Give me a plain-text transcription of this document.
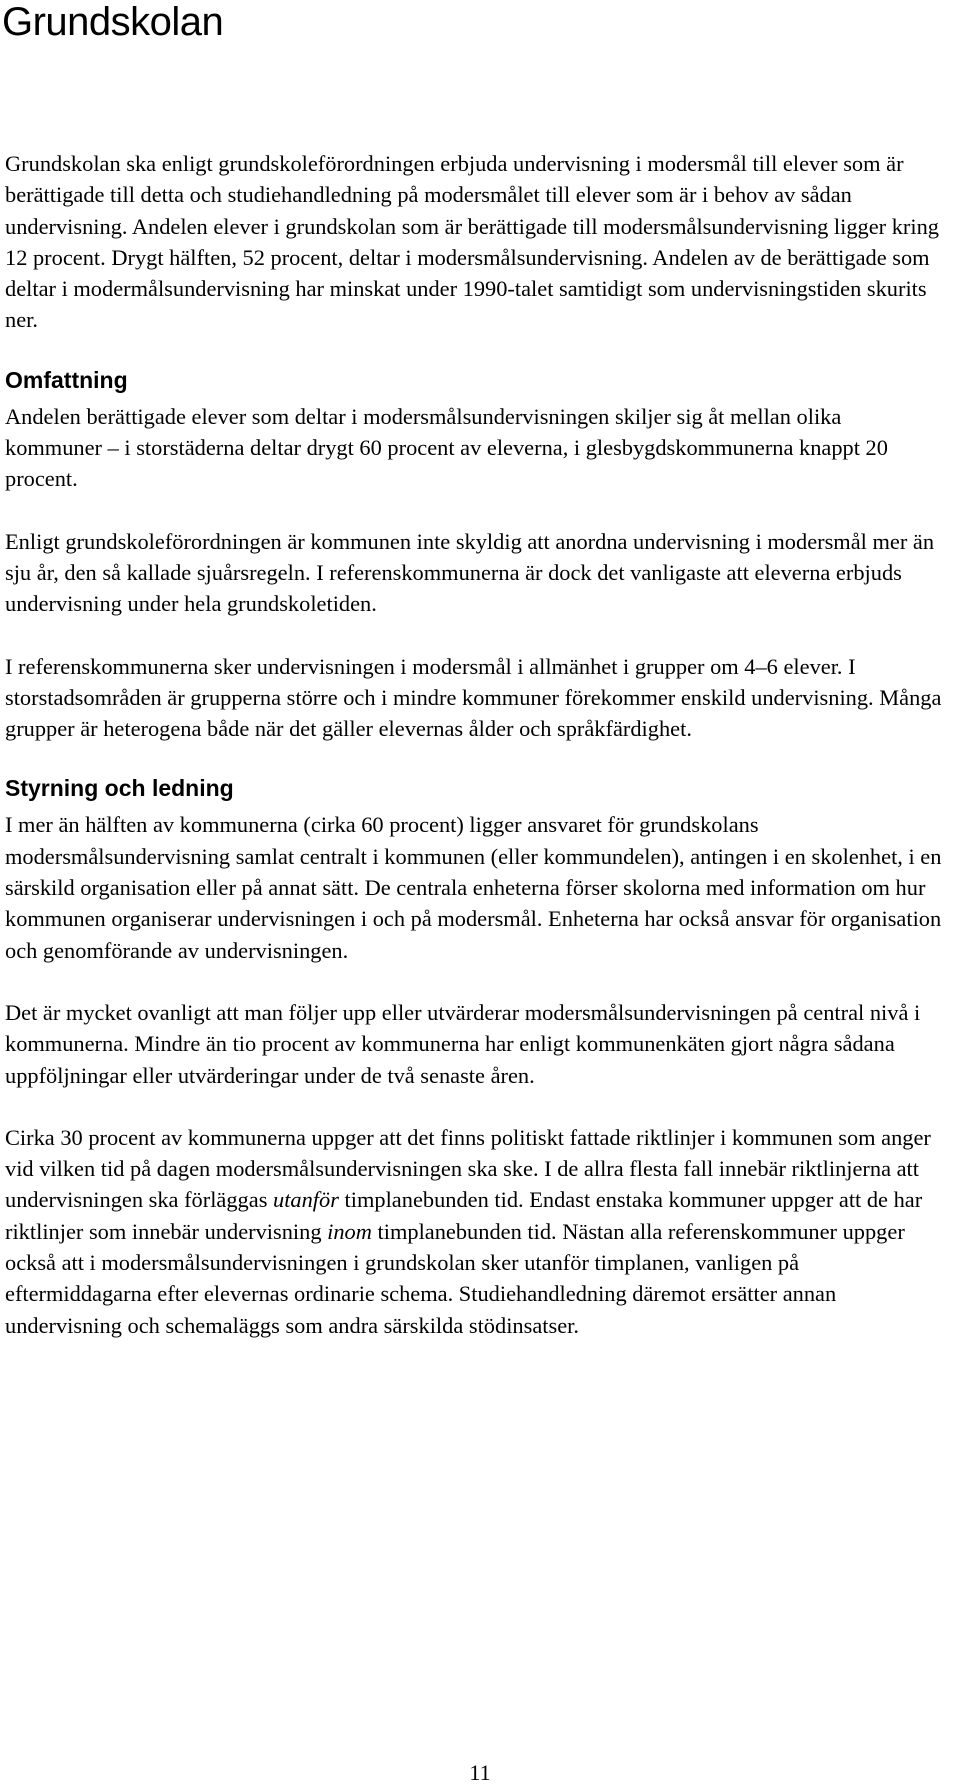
Grundskolan

Grundskolan ska enligt grundskoleförordningen erbjuda undervisning i modersmål till elever som är berättigade till detta och studiehandledning på modersmålet till elever som är i behov av sådan undervisning. Andelen elever i grundskolan som är berättigade till modersmålsundervisning ligger kring 12 procent. Drygt hälften, 52 procent, deltar i modersmålsundervisning. Andelen av de berättigade som deltar i modermålsundervisning har minskat under 1990-talet samtidigt som undervisningstiden skurits ner.

Omfattning

Andelen berättigade elever som deltar i modersmålsundervisningen skiljer sig åt mellan olika kommuner – i storstäderna deltar drygt 60 procent av eleverna, i glesbygdskommunerna knappt 20 procent.

Enligt grundskoleförordningen är kommunen inte skyldig att anordna undervisning i modersmål mer än sju år, den så kallade sjuårsregeln. I referenskommunerna är dock det vanligaste att eleverna erbjuds undervisning under hela grundskoletiden.

I referenskommunerna sker undervisningen i modersmål i allmänhet i grupper om 4–6 elever. I storstadsområden är grupperna större och i mindre kommuner förekommer enskild undervisning. Många grupper är heterogena både när det gäller elevernas ålder och språkfärdighet.

Styrning och ledning

I mer än hälften av kommunerna (cirka 60 procent) ligger ansvaret för grundskolans modersmålsundervisning samlat centralt i kommunen (eller kommundelen), antingen i en skolenhet, i en särskild organisation eller på annat sätt. De centrala enheterna förser skolorna med information om hur kommunen organiserar undervisningen i och på modersmål. Enheterna har också ansvar för organisation och genomförande av undervisningen.

Det är mycket ovanligt att man följer upp eller utvärderar modersmålsundervisningen på central nivå i kommunerna. Mindre än tio procent av kommunerna har enligt kommunenkäten gjort några sådana uppföljningar eller utvärderingar under de två senaste åren.

Cirka 30 procent av kommunerna uppger att det finns politiskt fattade riktlinjer i kommunen som anger vid vilken tid på dagen modersmålsundervisningen ska ske. I de allra flesta fall innebär riktlinjerna att undervisningen ska förläggas utanför timplanebunden tid. Endast enstaka kommuner uppger att de har riktlinjer som innebär undervisning inom timplanebunden tid. Nästan alla referenskommuner uppger också att i modersmålsundervisningen i grundskolan sker utanför timplanen, vanligen på eftermiddagarna efter elevernas ordinarie schema. Studiehandledning däremot ersätter annan undervisning och schemaläggs som andra särskilda stödinsatser.

11
